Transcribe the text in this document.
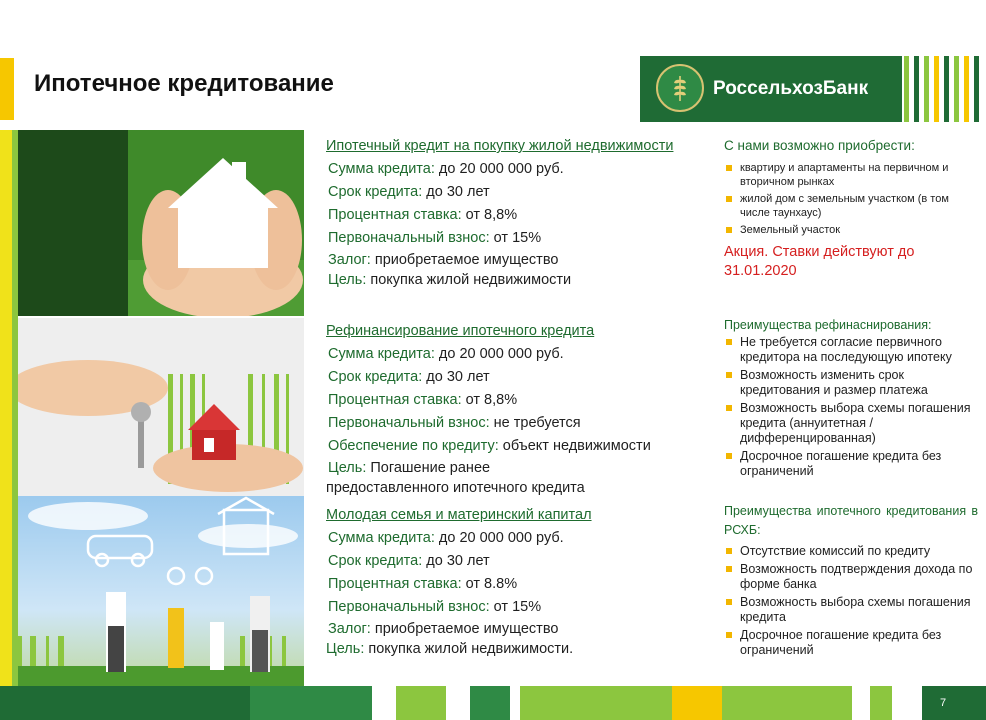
Ипотечное кредитование	РоссельхозБанк
Ипотечный кредит на покупку жилой недвижимости
Сумма кредита: до 20 000 000 руб.
Срок кредита: до 30 лет
Процентная ставка: от 8,8%
Первоначальный взнос: от 15%
Залог: приобретаемое имущество
Цель: покупка жилой недвижимости
Рефинансирование ипотечного кредита
Сумма кредита: до 20 000 000 руб.
Срок кредита: до 30 лет
Процентная ставка: от 8,8%
Первоначальный взнос: не требуется
Обеспечение по кредиту: объект недвижимости
Цель: Погашение ранее
предоставленного ипотечного кредита
Молодая семья и материнский капитал
Сумма кредита: до 20 000 000 руб.
Срок кредита: до 30 лет
Процентная ставка: от 8.8%
Первоначальный взнос: от 15%
Залог: приобретаемое имущество
Цель: покупка жилой недвижимости.
С нами возможно приобрести:
квартиру и апартаменты на первичном и вторичном рынках
жилой дом с земельным участком (в том числе таунхаус)
Земельный участок
Акция. Ставки действуют до 31.01.2020
Преимущества рефинаснирования:
Не требуется согласие первичного кредитора на последующую ипотеку
Возможность изменить срок кредитования и размер платежа
Возможность выбора схемы погашения кредита (аннуитетная / дифференцированная)
Досрочное погашение кредита без ограничений
Преимущества ипотечного кредитования в РСХБ:
Отсутствие комиссий по кредиту
Возможность подтверждения дохода по форме банка
Возможность выбора схемы погашения кредита
Досрочное погашение кредита без ограничений
7
